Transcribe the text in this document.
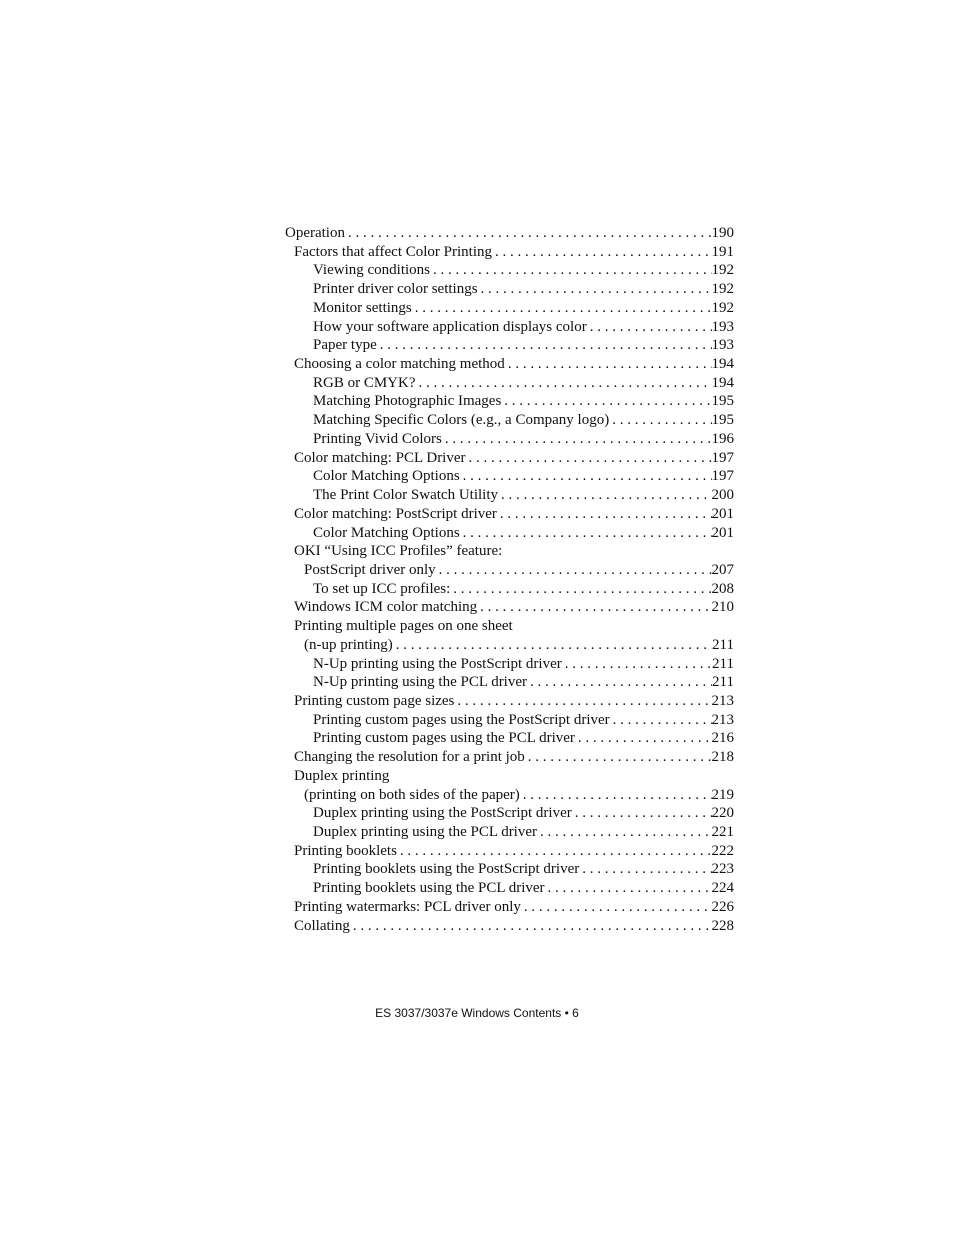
Operation . . .	190
Factors that affect Color Printing . . .	191
Viewing conditions . . .	192
Printer driver color settings . . .	192
Monitor settings . . .	192
How your software application displays color . . .	193
Paper type . . .	193
Choosing a color matching method . . .	194
RGB or CMYK? . . .	194
Matching Photographic Images . . .	195
Matching Specific Colors (e.g., a Company logo) . . .	195
Printing Vivid Colors . . .	196
Color matching: PCL Driver . . .	197
Color Matching Options . . .	197
The Print Color Swatch Utility . . .	200
Color matching: PostScript driver . . .	201
Color Matching Options . . .	201
OKI “Using ICC Profiles” feature:
PostScript driver only . . .	207
To set up ICC profiles: . . .	208
Windows ICM color matching . . .	210
Printing multiple pages on one sheet
(n-up printing) . . .	211
N-Up printing using the PostScript driver . . .	211
N-Up printing using the PCL driver . . .	211
Printing custom page sizes . . .	213
Printing custom pages using the PostScript driver . . .	213
Printing custom pages using the PCL driver . . .	216
Changing the resolution for a print job . . .	218
Duplex printing
(printing on both sides of the paper) . . .	219
Duplex printing using the PostScript driver . . .	220
Duplex printing using the PCL driver . . .	221
Printing booklets . . .	222
Printing booklets using the PostScript driver . . .	223
Printing booklets using the PCL driver . . .	224
Printing watermarks: PCL driver only . . .	226
Collating . . .	228
ES 3037/3037e Windows Contents • 6
